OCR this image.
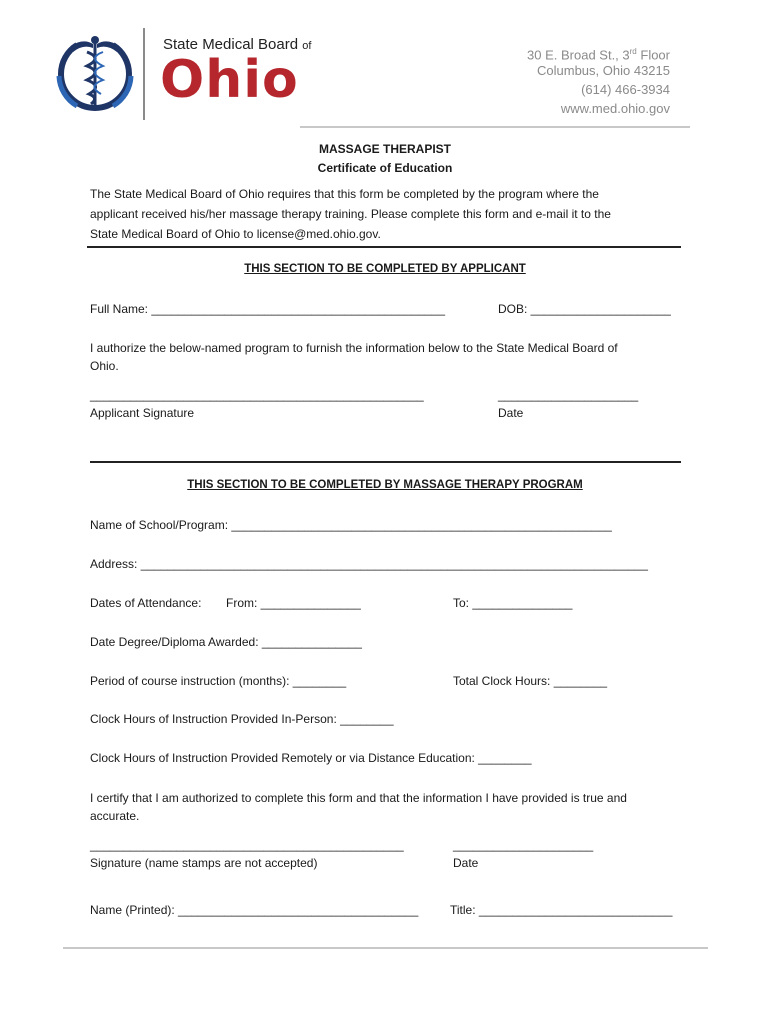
State Medical Board of
Ohio	30 E. Broad St., 3rd Floor
Columbus, Ohio 43215
(614) 466-3934
www.med.ohio.gov
MASSAGE THERAPIST
Certificate of Education
The State Medical Board of Ohio requires that this form be completed by the program where the
applicant received his/her massage therapy training. Please complete this form and e-mail it to the
State Medical Board of Ohio to license@med.ohio.gov.
THIS SECTION TO BE COMPLETED BY APPLICANT
Full Name: ____________________________________________	DOB: _____________________
I authorize the below-named program to furnish the information below to the State Medical Board of
Ohio.
__________________________________________________
Applicant Signature
_____________________
Date
THIS SECTION TO BE COMPLETED BY MASSAGE THERAPY PROGRAM
Name of School/Program: _________________________________________________________
Address: ____________________________________________________________________________
Dates of Attendance: From: _______________	To: _______________
Date Degree/Diploma Awarded: _______________
Period of course instruction (months): ________	Total Clock Hours: ________
Clock Hours of Instruction Provided In-Person: ________
Clock Hours of Instruction Provided Remotely or via Distance Education: ________
I certify that I am authorized to complete this form and that the information I have provided is true and
accurate.
_______________________________________________
Signature (name stamps are not accepted)
_____________________
Date
Name (Printed): ____________________________________	Title: _____________________________
